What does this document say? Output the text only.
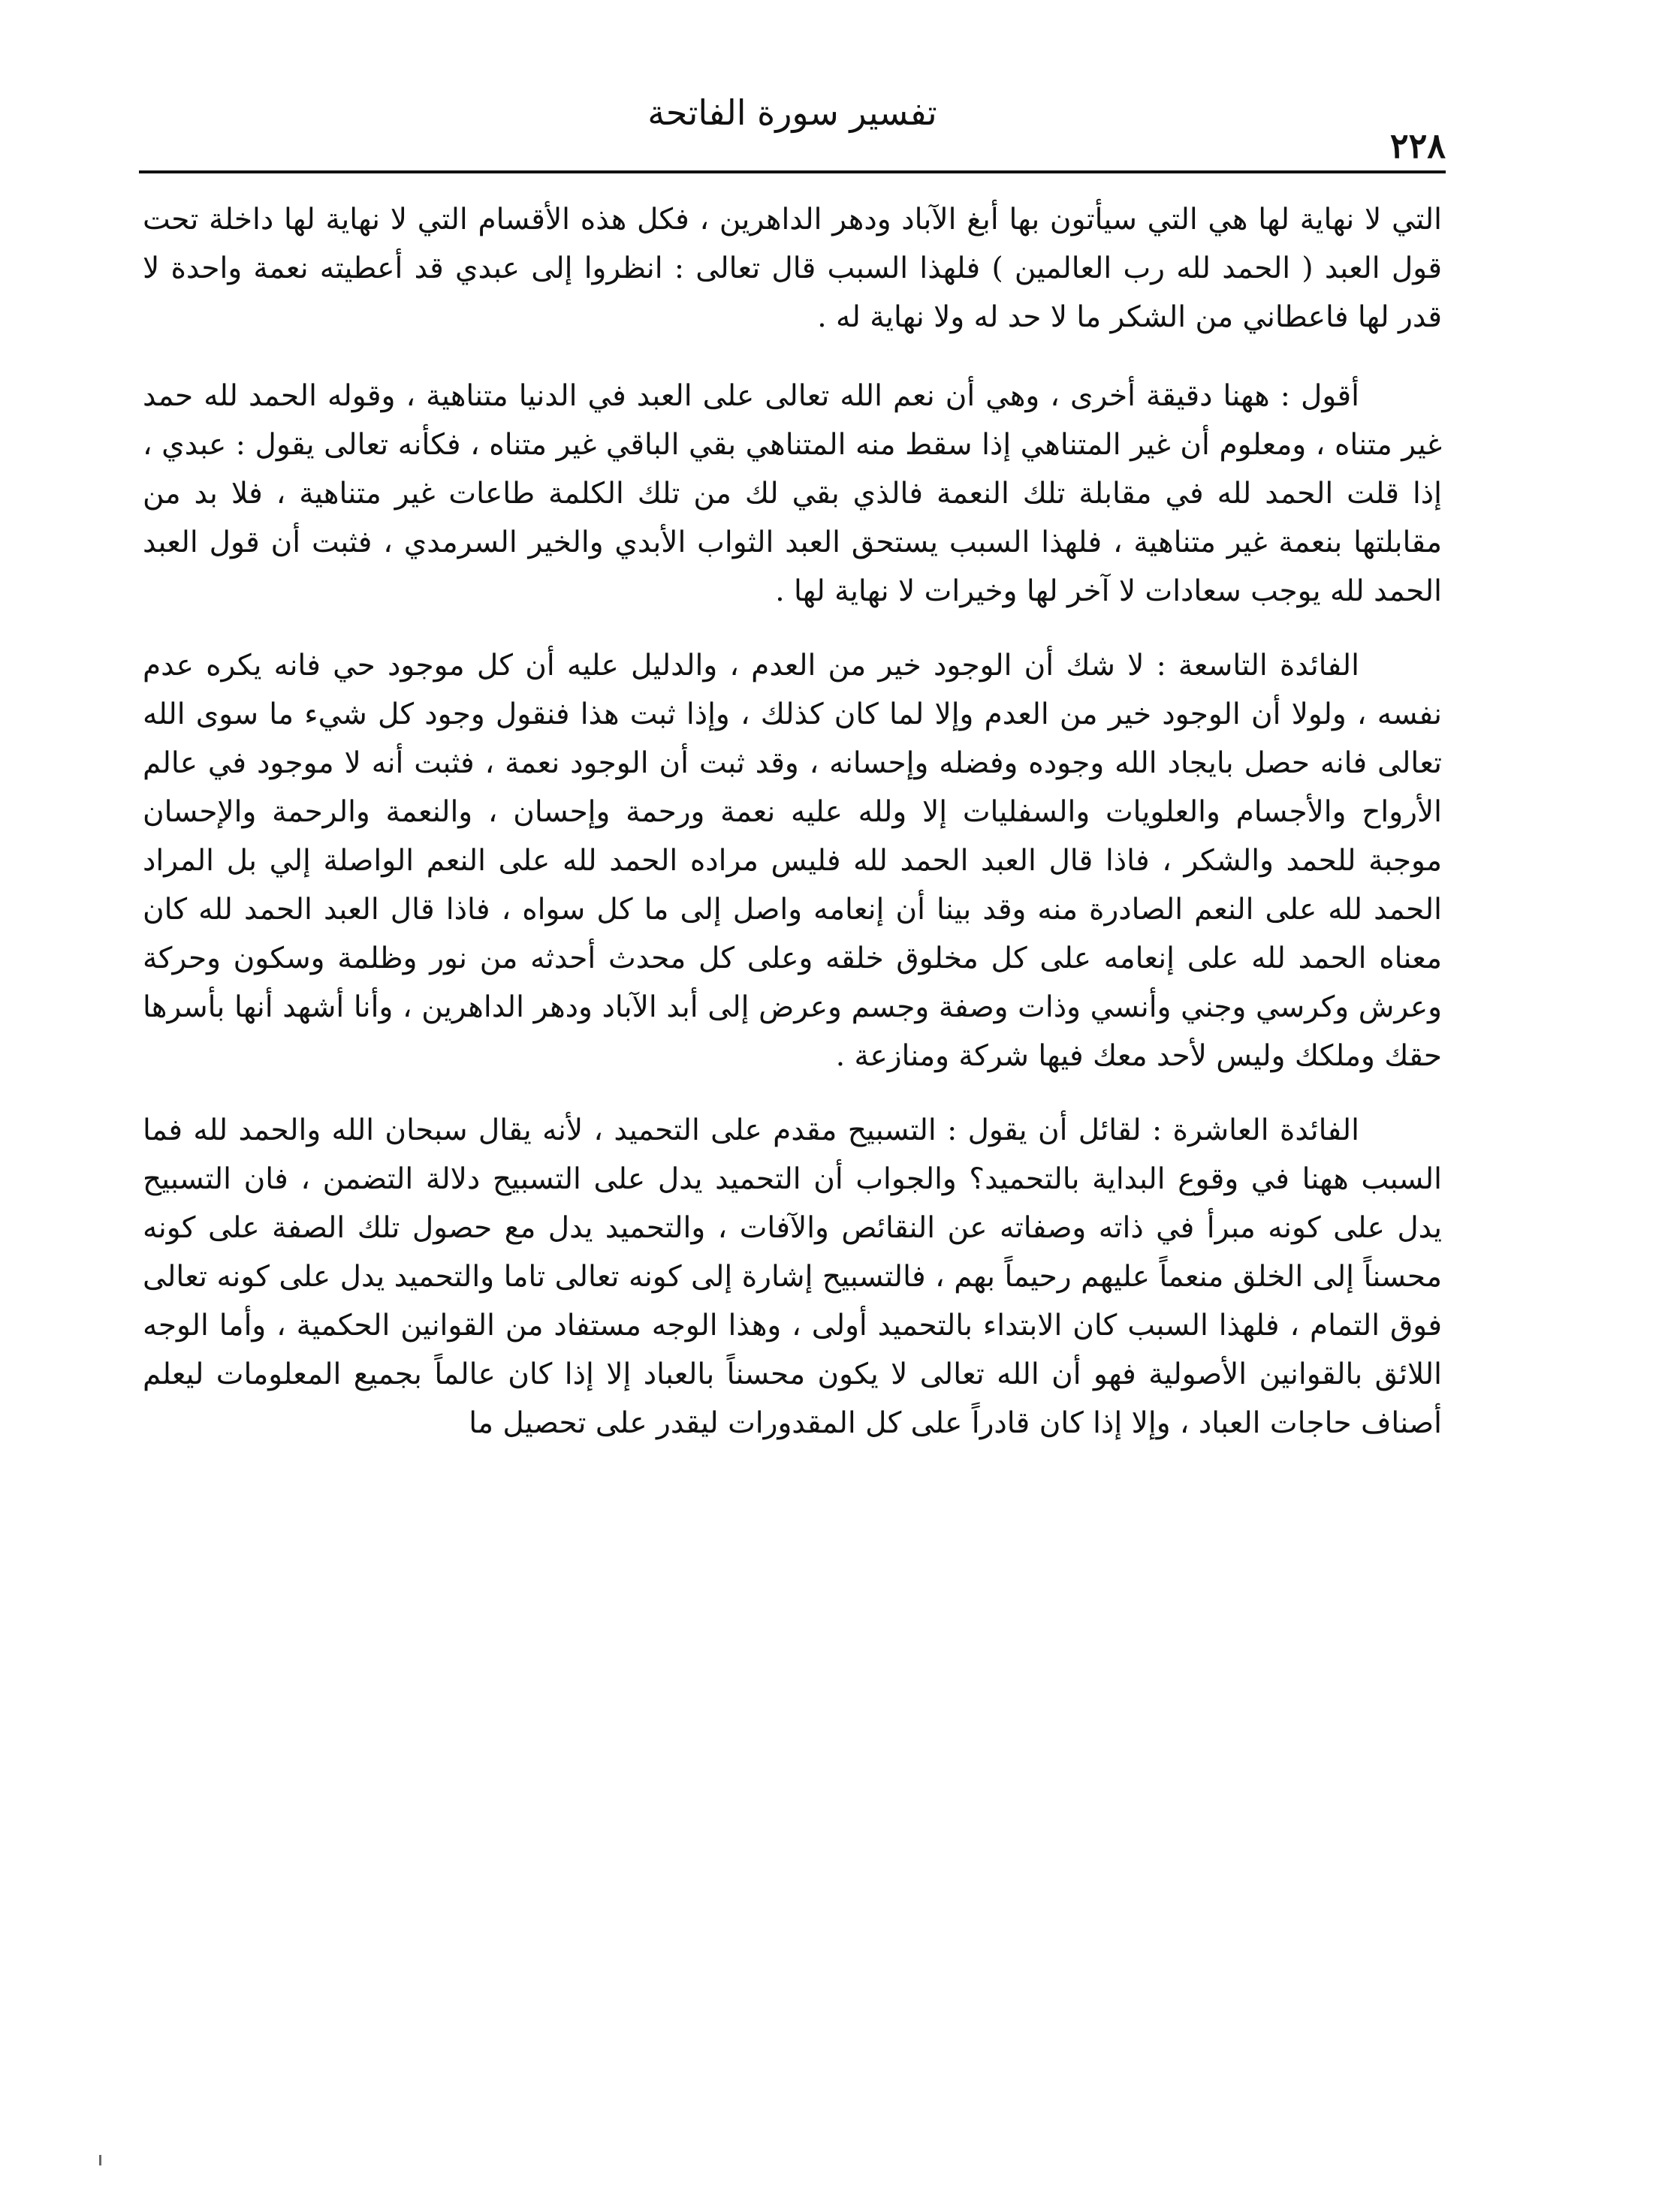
تفسير سورة الفاتحة
٢٢٨

التي لا نهاية لها هي التي سيأتون بها أبغ الآباد ودهر الداهرين ، فكل هذه الأقسام التي لا نهاية لها داخلة تحت قول العبد ( الحمد لله رب العالمين ) فلهذا السبب قال تعالى : انظروا إلى عبدي قد أعطيته نعمة واحدة لا قدر لها فاعطاني من الشكر ما لا حد له ولا نهاية له .

أقول : ههنا دقيقة أخرى ، وهي أن نعم الله تعالى على العبد في الدنيا متناهية ، وقوله الحمد لله حمد غير متناه ، ومعلوم أن غير المتناهي إذا سقط منه المتناهي بقي الباقي غير متناه ، فكأنه تعالى يقول : عبدي ، إذا قلت الحمد لله في مقابلة تلك النعمة فالذي بقي لك من تلك الكلمة طاعات غير متناهية ، فلا بد من مقابلتها بنعمة غير متناهية ، فلهذا السبب يستحق العبد الثواب الأبدي والخير السرمدي ، فثبت أن قول العبد الحمد لله يوجب سعادات لا آخر لها وخيرات لا نهاية لها .

الفائدة التاسعة : لا شك أن الوجود خير من العدم ، والدليل عليه أن كل موجود حي فانه يكره عدم نفسه ، ولولا أن الوجود خير من العدم وإلا لما كان كذلك ، وإذا ثبت هذا فنقول وجود كل شيء ما سوى الله تعالى فانه حصل بايجاد الله وجوده وفضله وإحسانه ، وقد ثبت أن الوجود نعمة ، فثبت أنه لا موجود في عالم الأرواح والأجسام والعلويات والسفليات إلا ولله عليه نعمة ورحمة وإحسان ، والنعمة والرحمة والإحسان موجبة للحمد والشكر ، فاذا قال العبد الحمد لله فليس مراده الحمد لله على النعم الواصلة إلي بل المراد الحمد لله على النعم الصادرة منه وقد بينا أن إنعامه واصل إلى ما كل سواه ، فاذا قال العبد الحمد لله كان معناه الحمد لله على إنعامه على كل مخلوق خلقه وعلى كل محدث أحدثه من نور وظلمة وسكون وحركة وعرش وكرسي وجني وأنسي وذات وصفة وجسم وعرض إلى أبد الآباد ودهر الداهرين ، وأنا أشهد أنها بأسرها حقك وملكك وليس لأحد معك فيها شركة ومنازعة .

الفائدة العاشرة : لقائل أن يقول : التسبيح مقدم على التحميد ، لأنه يقال سبحان الله والحمد لله فما السبب ههنا في وقوع البداية بالتحميد؟ والجواب أن التحميد يدل على التسبيح دلالة التضمن ، فان التسبيح يدل على كونه مبرأ في ذاته وصفاته عن النقائص والآفات ، والتحميد يدل مع حصول تلك الصفة على كونه محسناً إلى الخلق منعماً عليهم رحيماً بهم ، فالتسبيح إشارة إلى كونه تعالى تاما والتحميد يدل على كونه تعالى فوق التمام ، فلهذا السبب كان الابتداء بالتحميد أولى ، وهذا الوجه مستفاد من القوانين الحكمية ، وأما الوجه اللائق بالقوانين الأصولية فهو أن الله تعالى لا يكون محسناً بالعباد إلا إذا كان عالماً بجميع المعلومات ليعلم أصناف حاجات العباد ، وإلا إذا كان قادراً على كل المقدورات ليقدر على تحصيل ما
